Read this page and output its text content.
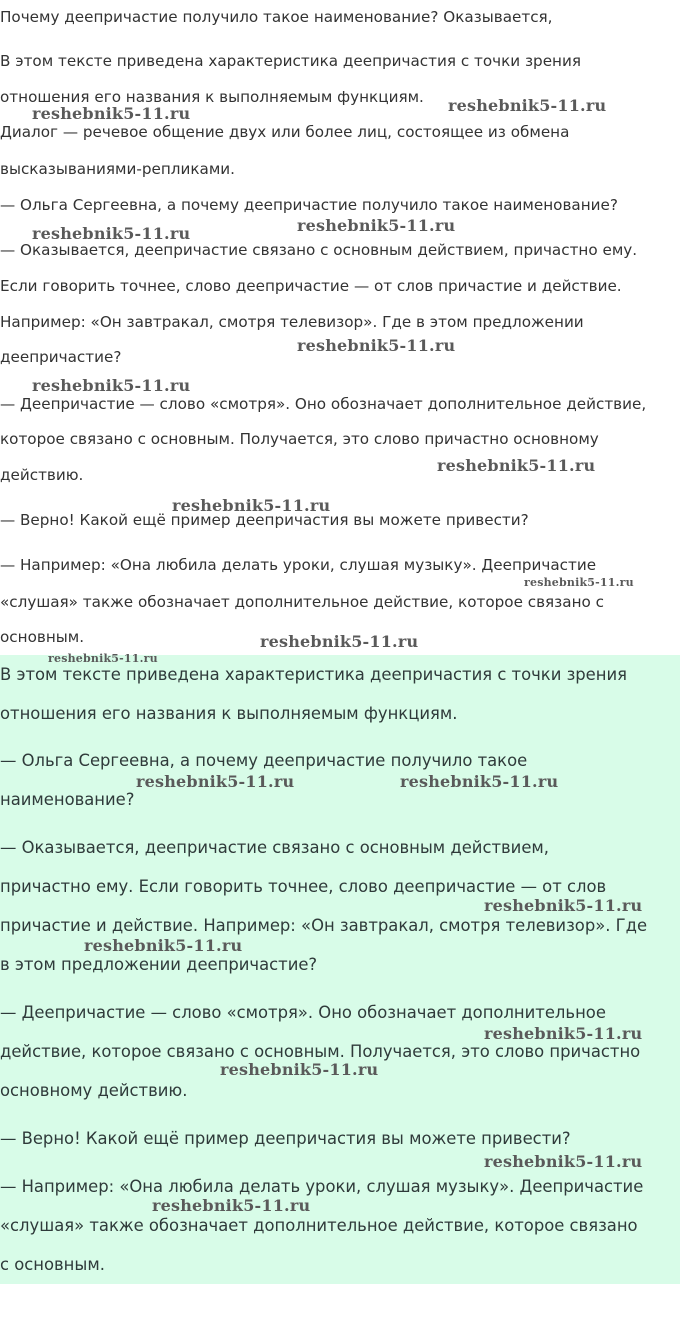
Почему деепричастие получило такое наименование? Оказывается,

В этом тексте приведена характеристика деепричастия с точки зрения

отношения его названия к выполняемым функциям.

Диалог — речевое общение двух или более лиц, состоящее из обмена

высказываниями-репликами.

— Ольга Сергеевна, а почему деепричастие получило такое наименование?

— Оказывается, деепричастие связано с основным действием, причастно ему.

Если говорить точнее, слово деепричастие — от слов причастие и действие.

Например: «Он завтракал, смотря телевизор». Где в этом предложении

деепричастие?

— Деепричастие — слово «смотря». Оно обозначает дополнительное действие,

которое связано с основным. Получается, это слово причастно основному

действию.

— Верно! Какой ещё пример деепричастия вы можете привести?

— Например: «Она любила делать уроки, слушая музыку». Деепричастие

«слушая» также обозначает дополнительное действие, которое связано с

основным.

В этом тексте приведена характеристика деепричастия с точки зрения

отношения его названия к выполняемым функциям.

— Ольга Сергеевна, а почему деепричастие получило такое

наименование?

— Оказывается, деепричастие связано с основным действием,

причастно ему. Если говорить точнее, слово деепричастие — от слов

причастие и действие. Например: «Он завтракал, смотря телевизор». Где

в этом предложении деепричастие?

— Деепричастие — слово «смотря». Оно обозначает дополнительное

действие, которое связано с основным. Получается, это слово причастно

основному действию.

— Верно! Какой ещё пример деепричастия вы можете привести?

— Например: «Она любила делать уроки, слушая музыку». Деепричастие

«слушая» также обозначает дополнительное действие, которое связано

с основным.

reshebnik5-11.ru	reshebnik5-11.ru
reshebnik5-11.ru	reshebnik5-11.ru
reshebnik5-11.ru
reshebnik5-11.ru
reshebnik5-11.ru
reshebnik5-11.ru
reshebnik5-11.ru
reshebnik5-11.ru
reshebnik5-11.ru
reshebnik5-11.ru	reshebnik5-11.ru
reshebnik5-11.ru
reshebnik5-11.ru
reshebnik5-11.ru
reshebnik5-11.ru
reshebnik5-11.ru
reshebnik5-11.ru
